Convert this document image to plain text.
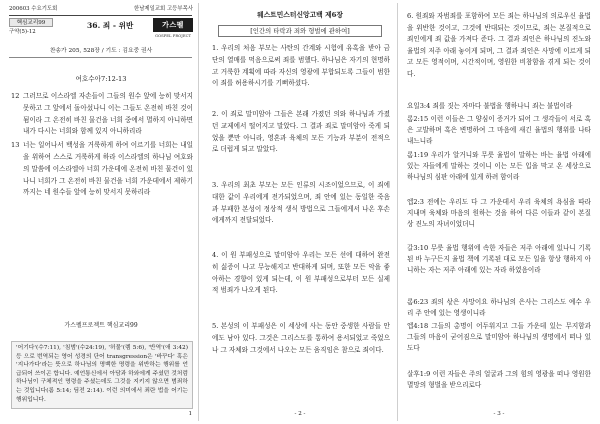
200603 수요기도회	한남제일교회 고등부목사
핵심교리99
구약(5)-12
36. 죄 - 위반	가스펠
GOSPEL PROJECT
찬송가 205, 528장 / 기도 : 김요중 권사
여호수아7:12-13
12 그러므로 이스라엘 자손들이 그들의 원수 앞에 능히 맞서지 못하고 그 앞에서 돌아섰나니 이는 그들도 온전히 바친 것이 됨이라 그 온전히 바친 물건을 너희 중에서 멸하지 아니하면 내가 다시는 너희와 함께 있지 아니하리라
13 너는 일어나서 백성을 거룩하게 하여 이르기를 너희는 내일을 위하여 스스로 거룩하게 하라 이스라엘의 하나님 여호와의 말씀에 이스라엘아 너희 가운데에 온전히 바친 물건이 있나니 너희가 그 온전히 바친 물건을 너희 가운데에서 제하기까지는 네 원수들 앞에 능히 맞서지 못하리라
가스펠프로젝트 핵심교리99
'어기다'(수7:11), '침범'(수24:19), '허물'(렘 5:6), '반역'(애 3:42) 등 으로 번역되는 영어 성경의 단어 transgression은 '바꾸다' 혹은 '지나가다'라는 뜻으로 하나님의 명백한 명령을 위반하는 행위를 언급되어 쓰이곤 합니다. 예언통신에서 아담과 하와에게 주셨던 것처럼 하나님이 구체적인 명령을 주셨는데도 그것을 지키지 않으면 범죄하는 것입니다(롬 5:14; 딤전 2:14). 이런 의미에서 죄란 법을 어기는 행위입니다.
1
웨스트민스터신앙고백 제6장
[인간의 타락과 죄와 형벌에 관하여]
1. 우리의 처음 부모는 사탄의 간계와 시험에 유혹을 받아 금단의 열매를 먹음으로써 죄를 범했다. 하나님은 자기의 현명하고 거룩한 계획에 따라 자신의 영광에 부합되도록 그들이 범한 이 죄를 허용하시기를 기뻐하셨다.
2. 이 죄로 말미암아 그들은 본래 가졌던 의와 하나님과 가졌던 교제에서 떨어지고 말았다. 그 결과 죄로 말미암아 죽게 되었을 뿐만 아니라, 영혼과 육체의 모든 기능과 부분이 전적으로 더럽게 되고 말았다.
3. 우리의 최초 부모는 모든 인류의 시조이었으므로, 이 죄에 대한 값이 우리에게 전가되었으며, 죄 안에 있는 동일한 죽음과 부패한 본성이 정상적 생식 방법으로 그들에게서 나온 후손에게까지 전달되었다.
4. 이 원 부패성으로 말미암아 우리는 모든 선에 대하여 완전히 싫증이 나고 무능해지고 반대하게 되며, 또한 모든 악을 좋아하는 경향이 있게 되는데, 이 원 부패성으로부터 모든 실제적 범죄가 나오게 된다.
5. 본성의 이 부패성은 이 세상에 사는 동안 중생한 사람들 안에도 남아 있다. 그것은 그리스도를 통하여 용서되었고 죽었으나 그 자체와 그것에서 나오는 모든 움직임은 참으로 죄이다.
- 2 -
6. 원죄와 자범죄를 포함하여 모든 죄는 하나님의 의로우신 율법을 위반한 것이고, 그것에 반대되는 것이므로, 죄는 본질적으로 죄인에게 죄 값을 가져다 준다. 그 결과 죄인은 하나님의 진노와 율법의 저주 아래 놓이게 되며, 그 결과 죄인은 사망에 이르게 되고 모든 영적이며, 시간적이며, 영원한 비참함을 겪게 되는 것이다.
요일3:4 죄를 짓는 자마다 불법을 행하나니 죄는 불법이라
롬2:15 이런 이들은 그 양심이 증거가 되어 그 생각들이 서로 혹은 고발하며 혹은 변명하여 그 마음에 새긴 율법의 행위를 나타내느니라
롬1:19 우리가 알거니와 무릇 율법이 말하는 바는 율법 아래에 있는 자들에게 말하는 것이니 이는 모든 입을 막고 온 세상으로 하나님의 심판 아래에 있게 하려 함이라
엡2:3 전에는 우리도 다 그 가운데서 우리 육체의 욕심을 따라 지내며 육체와 마음의 원하는 것을 하여 다른 이들과 같이 본질상 진노의 자녀이었더니
갈3:10 무릇 율법 행위에 속한 자들은 저주 아래에 있나니 기록된 바 누구든지 율법 책에 기록된 대로 모든 일을 항상 행하지 아니하는 자는 저주 아래에 있는 자라 하였음이라
롬6:23 죄의 삯은 사망이요 하나님의 은사는 그리스도 예수 우리 주 안에 있는 영생이니라
엡4:18 그들의 총명이 어두워지고 그들 가운데 있는 무지함과 그들의 마음이 굳어짐으로 말미암아 하나님의 생명에서 떠나 있도다
살후1:9 이런 자들은 주의 얼굴과 그의 힘의 영광을 떠나 영원한 멸망의 형벌을 받으리로다
- 3 -
